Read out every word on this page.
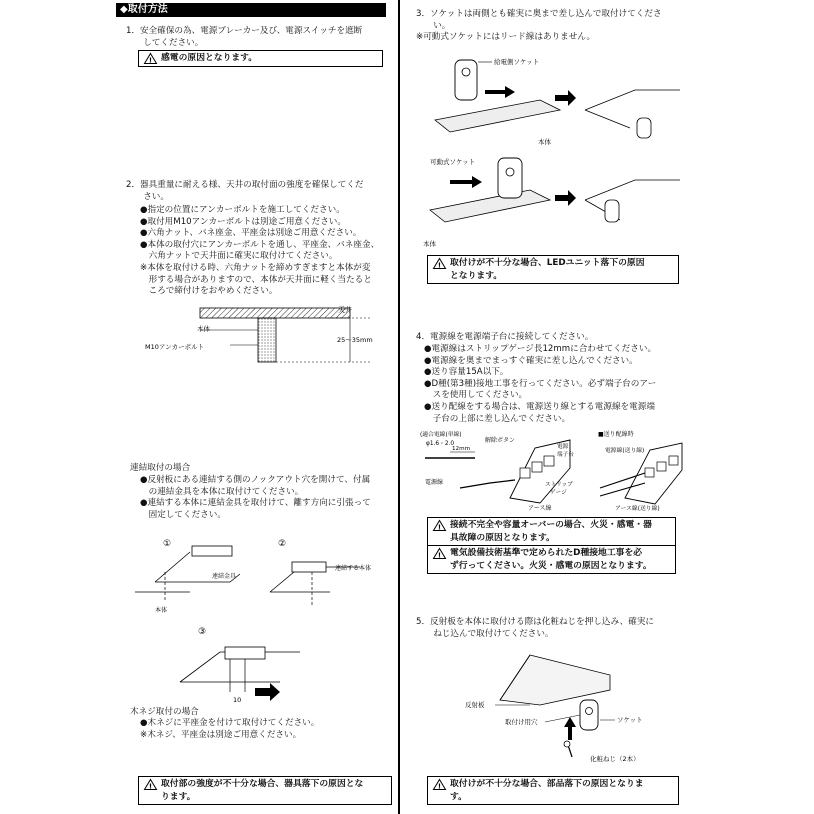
◆取付方法
1．安全確保の為、電源ブレーカー及び、電源スイッチを遮断
　　してください。
! 感電の原因となります。
2．器具重量に耐える様、天井の取付面の強度を確保してくだ
　　さい。
●指定の位置にアンカーボルトを施工してください。
●取付用M10アンカーボルトは別途ご用意ください。
●六角ナット、バネ座金、平座金は別途ご用意ください。
●本体の取付穴にアンカーボルトを通し、平座金、バネ座金、
　六角ナットで天井面に確実に取付けてください。
※本体を取付ける時、六角ナットを締めすぎますと本体が変
　形する場合がありますので、本体が天井面に軽く当たると
　ころで締付けをおやめください。
天井
本体
M10アンカーボルト
25～35mm
連結取付の場合
●反射板にある連結する側のノックアウト穴を開けて、付属
　の連結金具を本体に取付けてください。
●連結する本体に連結金具を取付けて、離す方向に引張って
　固定してください。
①	②
③
連結金具
本体
連結する本体
10
木ネジ取付の場合
●木ネジに平座金を付けて取付けてください。
※木ネジ、平座金は別途ご用意ください。
! 取付部の強度が不十分な場合、器具落下の原因とな
ります。
3．ソケットは両側とも確実に奥まで差し込んで取付けてくださ
　　い。
※可動式ソケットにはリード線はありません。
給電側ソケット
本体
可動式ソケット
本体
! 取付けが不十分な場合、LEDユニット落下の原因
となります。
4．電源線を電源端子台に接続してください。
●電源線はストリップゲージ長12mmに合わせてください。
●電源線を奥までまっすぐ確実に差し込んでください。
●送り容量15A以下。
●D種(第3種)接地工事を行ってください。必ず端子台のアー
　スを使用してください。
●送り配線をする場合は、電源送り線とする電源線を電源端
　子台の上部に差し込んでください。
(適合電線(単線)
φ1.6・2.0
12mm
解除ボタン
電源
端子台
電源線	ストリップ
ゲージ
アース線
■送り配線時
電源線(送り線)
アース線(送り線)
! 接続不完全や容量オーバーの場合、火災・感電・器
具故障の原因となります。
! 電気設備技術基準で定められたD種接地工事を必
ず行ってください。火災・感電の原因となります。
5．反射板を本体に取付ける際は化粧ねじを押し込み、確実に
　　ねじ込んで取付けてください。
反射板
取付け用穴	ソケット
化粧ねじ（2本）
! 取付けが不十分な場合、部品落下の原因となりま
す。
